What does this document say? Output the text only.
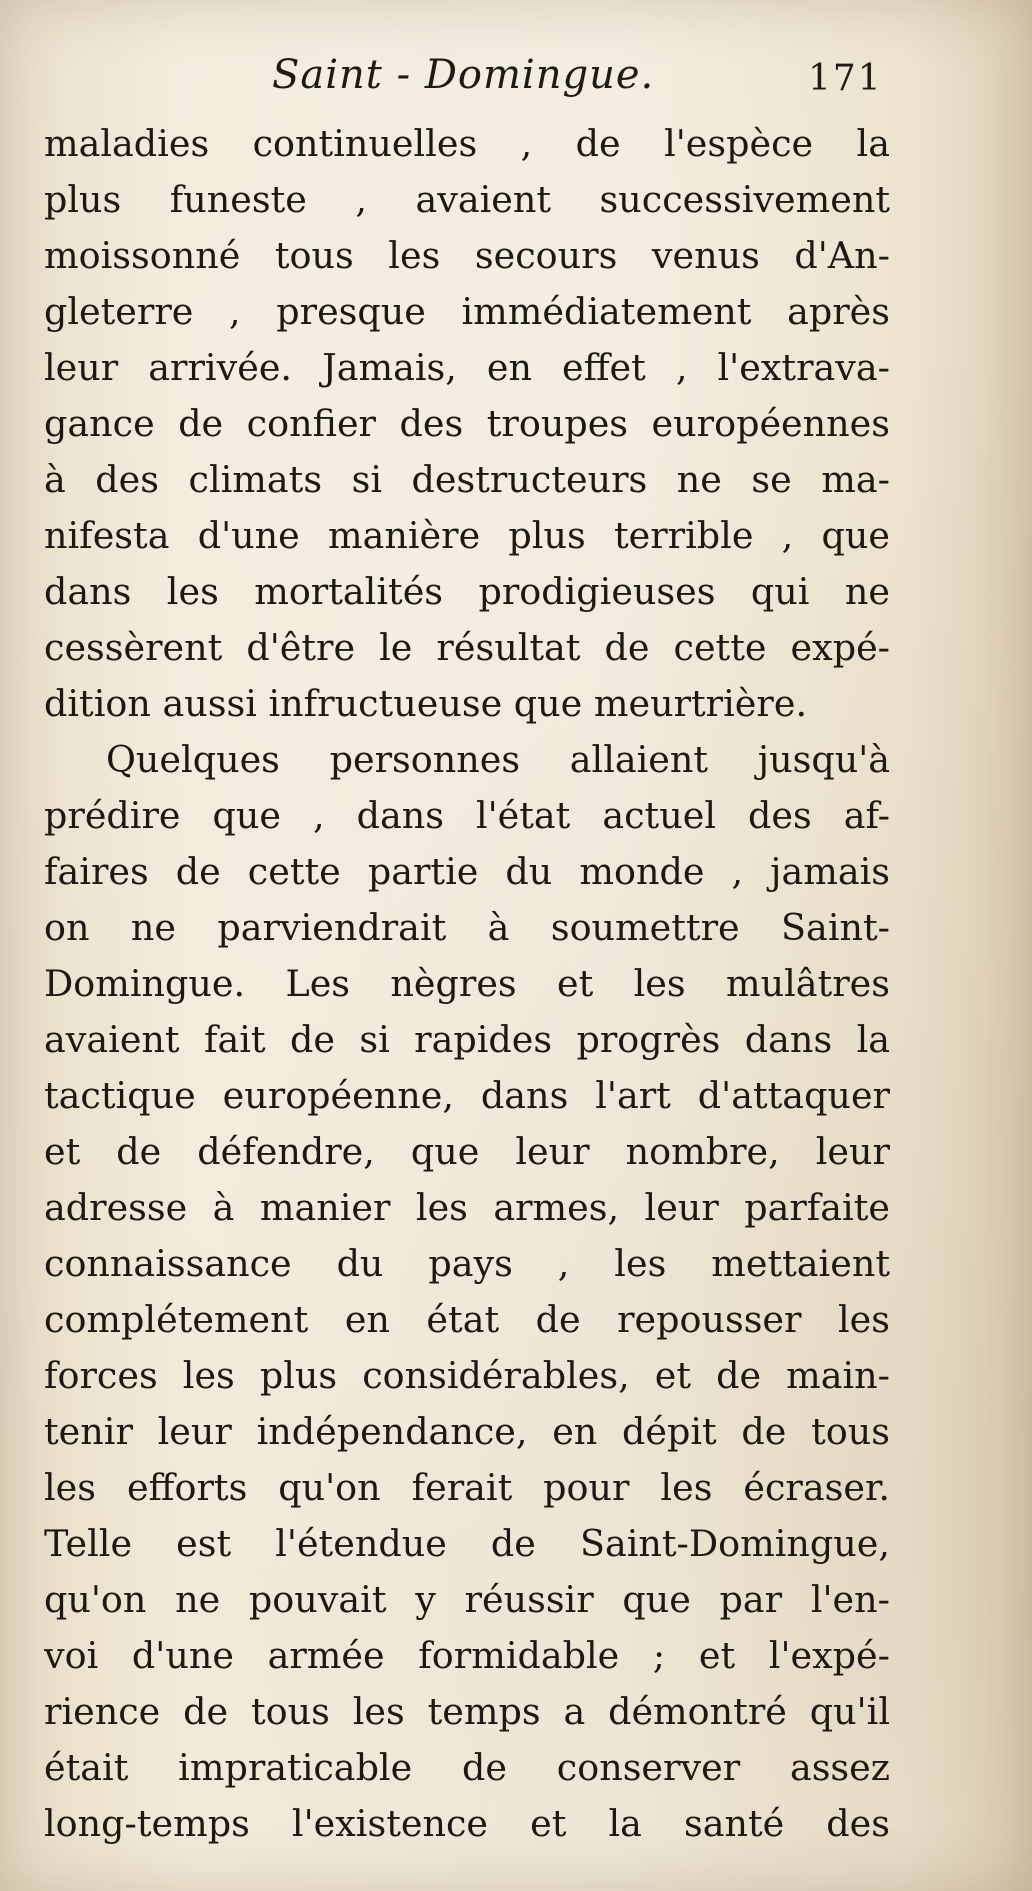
Saint - Domingue.	171
maladies continuelles , de l'espèce la
plus funeste , avaient successivement
moissonné tous les secours venus d'An-
gleterre , presque immédiatement après
leur arrivée. Jamais, en effet , l'extrava-
gance de confier des troupes européennes
à des climats si destructeurs ne se ma-
nifesta d'une manière plus terrible , que
dans les mortalités prodigieuses qui ne
cessèrent d'être le résultat de cette expé-
dition aussi infructueuse que meurtrière.
Quelques personnes allaient jusqu'à
prédire que , dans l'état actuel des af-
faires de cette partie du monde , jamais
on ne parviendrait à soumettre Saint-
Domingue. Les nègres et les mulâtres
avaient fait de si rapides progrès dans la
tactique européenne, dans l'art d'attaquer
et de défendre, que leur nombre, leur
adresse à manier les armes, leur parfaite
connaissance du pays , les mettaient
complétement en état de repousser les
forces les plus considérables, et de main-
tenir leur indépendance, en dépit de tous
les efforts qu'on ferait pour les écraser.
Telle est l'étendue de Saint-Domingue,
qu'on ne pouvait y réussir que par l'en-
voi d'une armée formidable ; et l'expé-
rience de tous les temps a démontré qu'il
était impraticable de conserver assez
long-temps l'existence et la santé des
